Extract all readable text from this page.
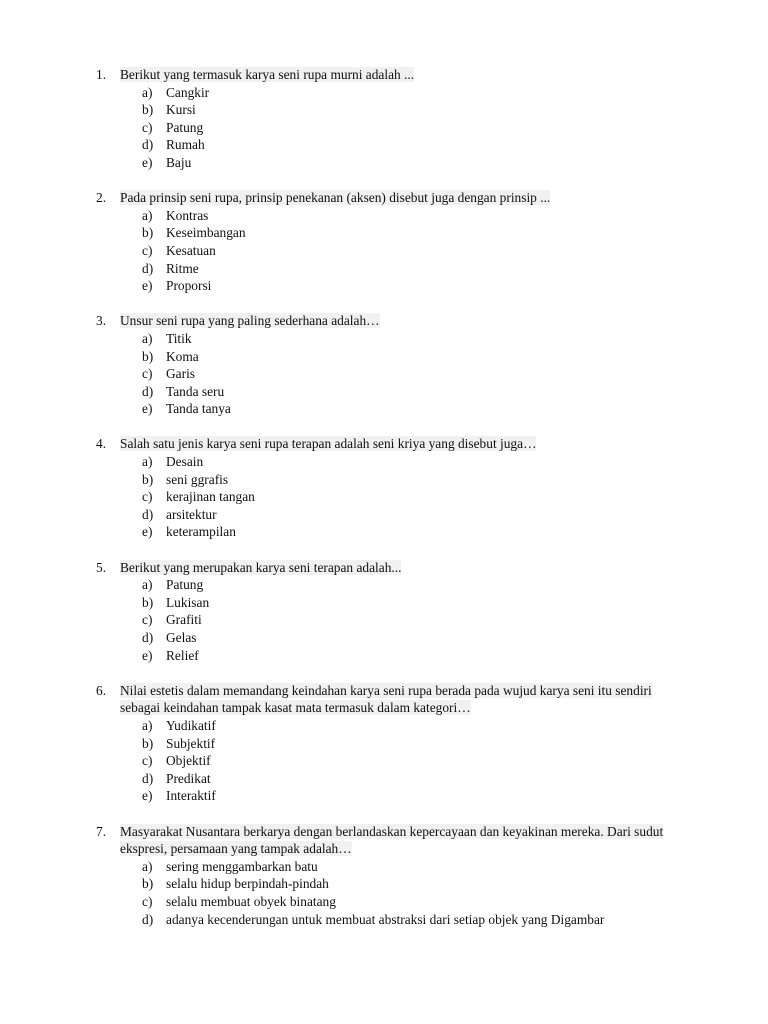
1. Berikut yang termasuk karya seni rupa murni adalah ...
a) Cangkir
b) Kursi
c) Patung
d) Rumah
e) Baju
2. Pada prinsip seni rupa, prinsip penekanan (aksen) disebut juga dengan prinsip ...
a) Kontras
b) Keseimbangan
c) Kesatuan
d) Ritme
e) Proporsi
3. Unsur seni rupa yang paling sederhana adalah…
a) Titik
b) Koma
c) Garis
d) Tanda seru
e) Tanda tanya
4. Salah satu jenis karya seni rupa terapan adalah seni kriya yang disebut juga…
a) Desain
b) seni ggrafis
c) kerajinan tangan
d) arsitektur
e) keterampilan
5. Berikut yang merupakan karya seni terapan adalah...
a) Patung
b) Lukisan
c) Grafiti
d) Gelas
e) Relief
6. Nilai estetis dalam memandang keindahan karya seni rupa berada pada wujud karya seni itu sendiri sebagai keindahan tampak kasat mata termasuk dalam kategori…
a) Yudikatif
b) Subjektif
c) Objektif
d) Predikat
e) Interaktif
7. Masyarakat Nusantara berkarya dengan berlandaskan kepercayaan dan keyakinan mereka. Dari sudut ekspresi, persamaan yang tampak adalah…
a) sering menggambarkan batu
b) selalu hidup berpindah-pindah
c) selalu membuat obyek binatang
d) adanya kecenderungan untuk membuat abstraksi dari setiap objek yang Digambar
